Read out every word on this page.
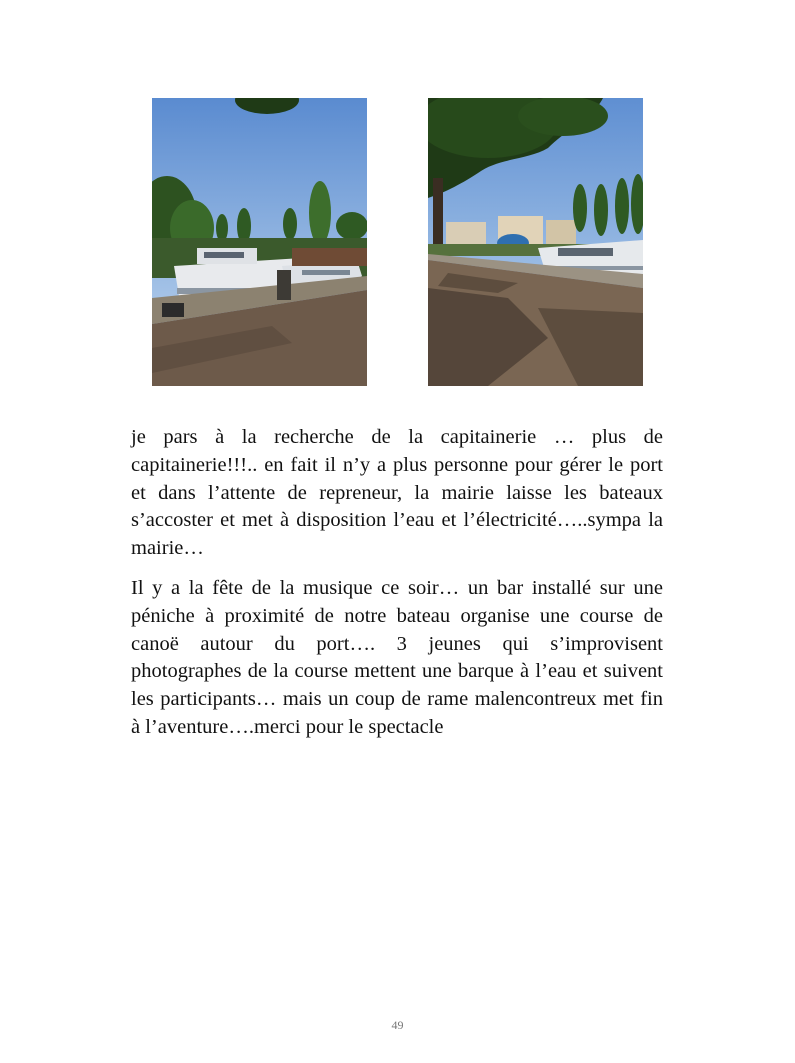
je pars à la recherche de la capitainerie … plus de capitainerie!!!.. en fait il n’y a plus personne pour gérer le port et dans l’attente de repreneur, la mairie laisse les bateaux s’accoster et met à disposition l’eau et l’électricité…..sympa la mairie…

Il y a la fête de la musique ce soir… un bar installé sur une péniche à proximité de notre bateau organise une course de canoë autour du port…. 3 jeunes qui s’improvisent photographes de la course mettent une barque à l’eau et suivent les participants… mais un coup de rame malencontreux met fin à l’aventure….merci pour le spectacle

49
